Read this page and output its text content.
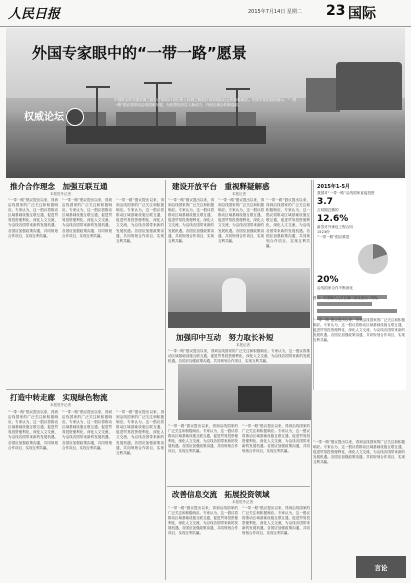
人民日报	2015年7月14日 星期二 23 国际
外国专家眼中的“一带一路”愿景
权威论坛
中国推出的共建丝绸之路经济带和21世纪海上丝绸之路倡议得到国际社会的积极响应。外国专家们纷纷表示，“一带一路”倡议将带动沿线国家发展，为世界经济注入新动力，开创区域合作新局面。
2015年1-5月
我国对“一带一路”沿线国家直接投资
3.7
占同期总额的
12.6%
新签对外承包工程合同
1523份
“一带一路”倡议推进
20%
沿线国家合作不断深化
推介合作理念　加强互联互通
本报驻外记者
“一带一路”倡议提出以来，得到沿线国家的广泛关注和积极响应。专家认为，这一倡议将推动区域基础设施互联互通，促进贸易投资便利化，深化人文交流，为沿线各国带来新的发展机遇。各国应加强政策沟通，共同规划合作项目，实现互利共赢。
“一带一路”倡议提出以来，得到沿线国家的广泛关注和积极响应。专家认为，这一倡议将推动区域基础设施互联互通，促进贸易投资便利化，深化人文交流，为沿线各国带来新的发展机遇。各国应加强政策沟通，共同规划合作项目，实现互利共赢。
“一带一路”倡议提出以来，得到沿线国家的广泛关注和积极响应。专家认为，这一倡议将推动区域基础设施互联互通，促进贸易投资便利化，深化人文交流，为沿线各国带来新的发展机遇。各国应加强政策沟通，共同规划合作项目，实现互利共赢。
建设开放平台　重视释疑解惑
本报记者
“一带一路”倡议提出以来，得到沿线国家的广泛关注和积极响应。专家认为，这一倡议将推动区域基础设施互联互通，促进贸易投资便利化，深化人文交流，为沿线各国带来新的发展机遇。各国应加强政策沟通，共同规划合作项目，实现互利共赢。
“一带一路”倡议提出以来，得到沿线国家的广泛关注和积极响应。专家认为，这一倡议将推动区域基础设施互联互通，促进贸易投资便利化，深化人文交流，为沿线各国带来新的发展机遇。各国应加强政策沟通，共同规划合作项目，实现互利共赢。
“一带一路”倡议提出以来，得到沿线国家的广泛关注和积极响应。专家认为，这一倡议将推动区域基础设施互联互通，促进贸易投资便利化，深化人文交流，为沿线各国带来新的发展机遇。各国应加强政策沟通，共同规划合作项目，实现互利共赢。
图为：中国海关人员在港口查验进出口货物。
加强印中互动　努力取长补短
本报记者
“一带一路”倡议提出以来，得到沿线国家的广泛关注和积极响应。专家认为，这一倡议将推动区域基础设施互联互通，促进贸易投资便利化，深化人文交流，为沿线各国带来新的发展机遇。各国应加强政策沟通，共同规划合作项目，实现互利共赢。
“一带一路”倡议提出以来，得到沿线国家的广泛关注和积极响应。专家认为，这一倡议将推动区域基础设施互联互通，促进贸易投资便利化，深化人文交流，为沿线各国带来新的发展机遇。各国应加强政策沟通，共同规划合作项目，实现互利共赢。
“一带一路”倡议提出以来，得到沿线国家的广泛关注和积极响应。专家认为，这一倡议将推动区域基础设施互联互通，促进贸易投资便利化，深化人文交流，为沿线各国带来新的发展机遇。各国应加强政策沟通，共同规划合作项目，实现互利共赢。
“一带一路”倡议提出以来，得到沿线国家的广泛关注和积极响应。专家认为，这一倡议将推动区域基础设施互联互通，促进贸易投资便利化，深化人文交流，为沿线各国带来新的发展机遇。各国应加强政策沟通，共同规划合作项目，实现互利共赢。
打造中转走廊　实现绿色物流
本报驻外记者
“一带一路”倡议提出以来，得到沿线国家的广泛关注和积极响应。专家认为，这一倡议将推动区域基础设施互联互通，促进贸易投资便利化，深化人文交流，为沿线各国带来新的发展机遇。各国应加强政策沟通，共同规划合作项目，实现互利共赢。
“一带一路”倡议提出以来，得到沿线国家的广泛关注和积极响应。专家认为，这一倡议将推动区域基础设施互联互通，促进贸易投资便利化，深化人文交流，为沿线各国带来新的发展机遇。各国应加强政策沟通，共同规划合作项目，实现互利共赢。
“一带一路”倡议提出以来，得到沿线国家的广泛关注和积极响应。专家认为，这一倡议将推动区域基础设施互联互通，促进贸易投资便利化，深化人文交流，为沿线各国带来新的发展机遇。各国应加强政策沟通，共同规划合作项目，实现互利共赢。
改善信息交流　拓展投资领域
本报驻外记者
“一带一路”倡议提出以来，得到沿线国家的广泛关注和积极响应。专家认为，这一倡议将推动区域基础设施互联互通，促进贸易投资便利化，深化人文交流，为沿线各国带来新的发展机遇。各国应加强政策沟通，共同规划合作项目，实现互利共赢。
“一带一路”倡议提出以来，得到沿线国家的广泛关注和积极响应。专家认为，这一倡议将推动区域基础设施互联互通，促进贸易投资便利化，深化人文交流，为沿线各国带来新的发展机遇。各国应加强政策沟通，共同规划合作项目，实现互利共赢。
“一带一路”倡议提出以来，得到沿线国家的广泛关注和积极响应。专家认为，这一倡议将推动区域基础设施互联互通，促进贸易投资便利化，深化人文交流，为沿线各国带来新的发展机遇。各国应加强政策沟通，共同规划合作项目，实现互利共赢。
言论
